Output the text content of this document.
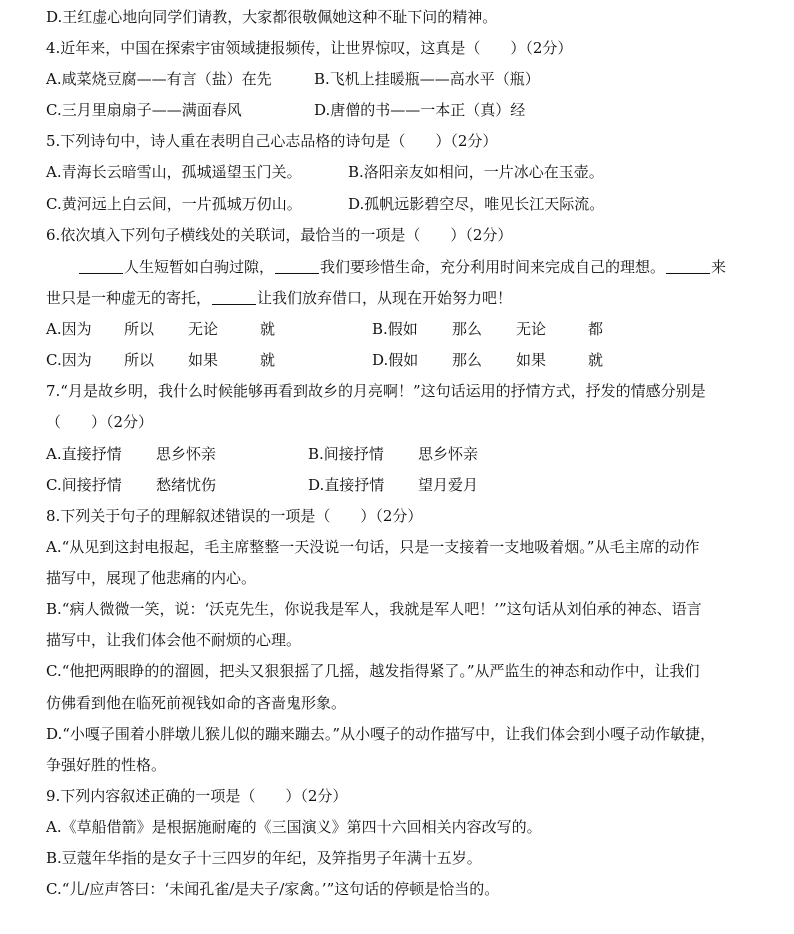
D.王红虚心地向同学们请教，大家都很敬佩她这种不耻下问的精神。
4.近年来，中国在探索宇宙领域捷报频传，让世界惊叹，这真是（　　）（2分）
A.咸菜烧豆腐——有言（盐）在先	B.飞机上挂暖瓶——高水平（瓶）
C.三月里扇扇子——满面春风	D.唐僧的书——一本正（真）经
5.下列诗句中，诗人重在表明自己心志品格的诗句是（　　）（2分）
A.青海长云暗雪山，孤城遥望玉门关。	B.洛阳亲友如相问，一片冰心在玉壶。
C.黄河远上白云间，一片孤城万仞山。	D.孤帆远影碧空尽，唯见长江天际流。
6.依次填入下列句子横线处的关联词，最恰当的一项是（　　）（2分）
人生短暂如白驹过隙，	我们要珍惜生命，充分利用时间来完成自己的理想。	来
世只是一种虚无的寄托，	让我们放弃借口，从现在开始努力吧！
A.因为 所以 无论	就	B.假如 那么 无论	都
C.因为 所以 如果	就	D.假如 那么 如果	就
7.“月是故乡明，我什么时候能够再看到故乡的月亮啊！”这句话运用的抒情方式，抒发的情感分别是
（　　）（2分）
A.直接抒情 思乡怀亲	B.间接抒情 思乡怀亲
C.间接抒情 愁绪忧伤	D.直接抒情 望月爱月
8.下列关于句子的理解叙述错误的一项是（　　）（2分）
A.“从见到这封电报起，毛主席整整一天没说一句话，只是一支接着一支地吸着烟。”从毛主席的动作
描写中，展现了他悲痛的内心。
B.“病人微微一笑，说：‘沃克先生，你说我是军人，我就是军人吧！’”这句话从刘伯承的神态、语言
描写中，让我们体会他不耐烦的心理。
C.“他把两眼睁的的溜圆，把头又狠狠摇了几摇，越发指得紧了。”从严监生的神态和动作中，让我们
仿佛看到他在临死前视钱如命的吝啬鬼形象。
D.“小嘎子围着小胖墩儿猴儿似的蹦来蹦去。”从小嘎子的动作描写中，让我们体会到小嘎子动作敏捷，
争强好胜的性格。
9.下列内容叙述正确的一项是（　　）（2分）
A.《草船借箭》是根据施耐庵的《三国演义》第四十六回相关内容改写的。
B.豆蔻年华指的是女子十三四岁的年纪，及笄指男子年满十五岁。
C.“儿/应声答曰：‘未闻孔雀/是夫子/家禽。’”这句话的停顿是恰当的。
